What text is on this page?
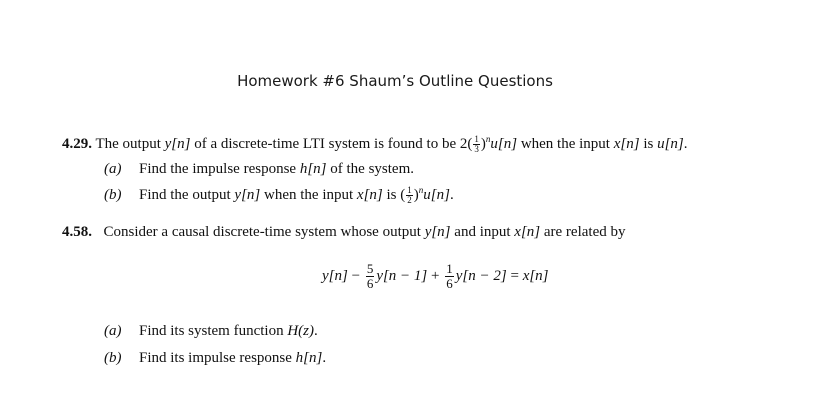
Homework #6 Shaum’s Outline Questions
4.29. The output y[n] of a discrete-time LTI system is found to be $2( \frac{1}{3} )^nu[n]$ when the input x[n] is u[n].
(a) Find the impulse response h[n] of the system.
(b) Find the output y[n] when the input x[n] is ( $\frac{1}{2} )^nu[n]$.
4.58. Consider a causal discrete-time system whose output y[n] and input x[n] are related by
$y[n] - \frac{5}{6} y[n - 1] + \frac{1}{6} y[n - 2] = x[n]$
(a) Find its system function H(z).
(b) Find its impulse response h[n].
